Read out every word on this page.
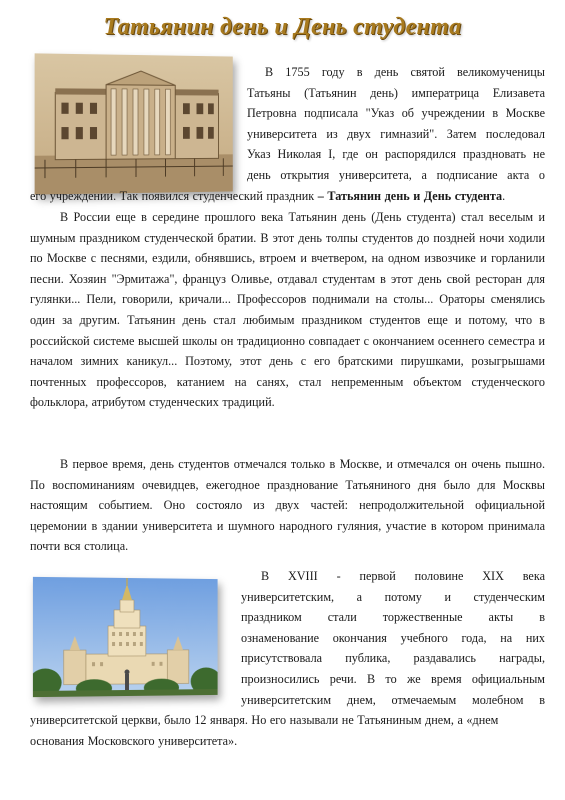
Татьянин день и День студента
В 1755 году в день святой великомученицы
Татьяны (Татьянин день) императрица Елизавета
Петровна подписала "Указ об учреждении в Москве
университета из двух гимназий". Затем последовал
Указ Николая I, где он распорядился праздновать не
день открытия университета, а подписание акта о
его учреждении. Так появился студенческий праздник – Татьянин день и День студента.
В России еще в середине прошлого века Татьянин день (День студента) стал веселым и шумным праздником студенческой братии. В этот день толпы студентов до поздней ночи ходили по Москве с песнями, ездили, обнявшись, втроем и вчетвером, на одном извозчике и горланили песни. Хозяин "Эрмитажа", француз Оливье, отдавал студентам в этот день свой ресторан для гулянки... Пели, говорили, кричали... Профессоров поднимали на столы... Ораторы сменялись один за другим. Татьянин день стал любимым праздником студентов еще и потому, что в российской системе высшей школы он традиционно совпадает с окончанием осеннего семестра и началом зимних каникул... Поэтому, этот день с его братскими пирушками, розыгрышами почтенных профессоров, катанием на санях, стал непременным объектом студенческого фольклора, атрибутом студенческих традиций.
В первое время, день студентов отмечался только в Москве, и отмечался он очень пышно. По воспоминаниям очевидцев, ежегодное празднование Татьяниного дня было для Москвы настоящим событием. Оно состояло из двух частей: непродолжительной официальной церемонии в здании университета и шумного народного гуляния, участие в котором принимала почти вся столица.
В XVIII - первой половине XIX века
университетским, а потому и студенческим
праздником стали торжественные акты в
ознаменование окончания учебного года, на них
присутствовала публика, раздавались награды,
произносились речи. В то же время официальным
университетским днем, отмечаемым молебном в
университетской церкви, было 12 января. Но его называли не Татьяниным днем, а «днем основания Московского университета».
